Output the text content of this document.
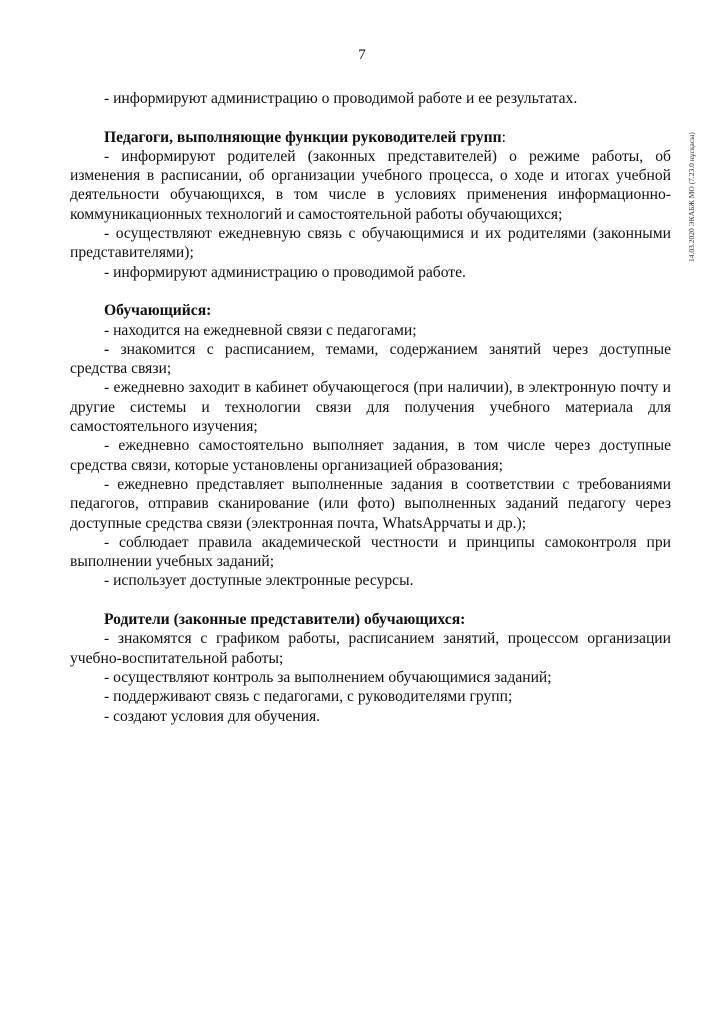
7
14.03.2020 ЭКАБЖ МО (7.23.0 нұсқасы)

- информируют администрацию о проводимой работе и ее результатах.

Педагоги, выполняющие функции руководителей групп:

- информируют родителей (законных представителей) о режиме работы, об изменения в расписании, об организации учебного процесса, о ходе и итогах учебной деятельности обучающихся, в том числе в условиях применения информационно-коммуникационных технологий и самостоятельной работы обучающихся;

- осуществляют ежедневную связь с обучающимися и их родителями (законными представителями);

- информируют администрацию о проводимой работе.

Обучающийся:

- находится на ежедневной связи с педагогами;

- знакомится с расписанием, темами, содержанием занятий через доступные средства связи;

- ежедневно заходит в кабинет обучающегося (при наличии), в электронную почту и другие системы и технологии связи для получения учебного материала для самостоятельного изучения;

- ежедневно самостоятельно выполняет задания, в том числе через доступные средства связи, которые установлены организацией образования;

- ежедневно представляет выполненные задания в соответствии с требованиями педагогов, отправив сканирование (или фото) выполненных заданий педагогу через доступные средства связи (электронная почта, WhatsAppчаты и др.);

- соблюдает правила академической честности и принципы самоконтроля при выполнении учебных заданий;

- использует доступные электронные ресурсы.

Родители (законные представители) обучающихся:

- знакомятся с графиком работы, расписанием занятий, процессом организации учебно-воспитательной работы;

- осуществляют контроль за выполнением обучающимися заданий;

- поддерживают связь с педагогами, с руководителями групп;

- создают условия для обучения.
